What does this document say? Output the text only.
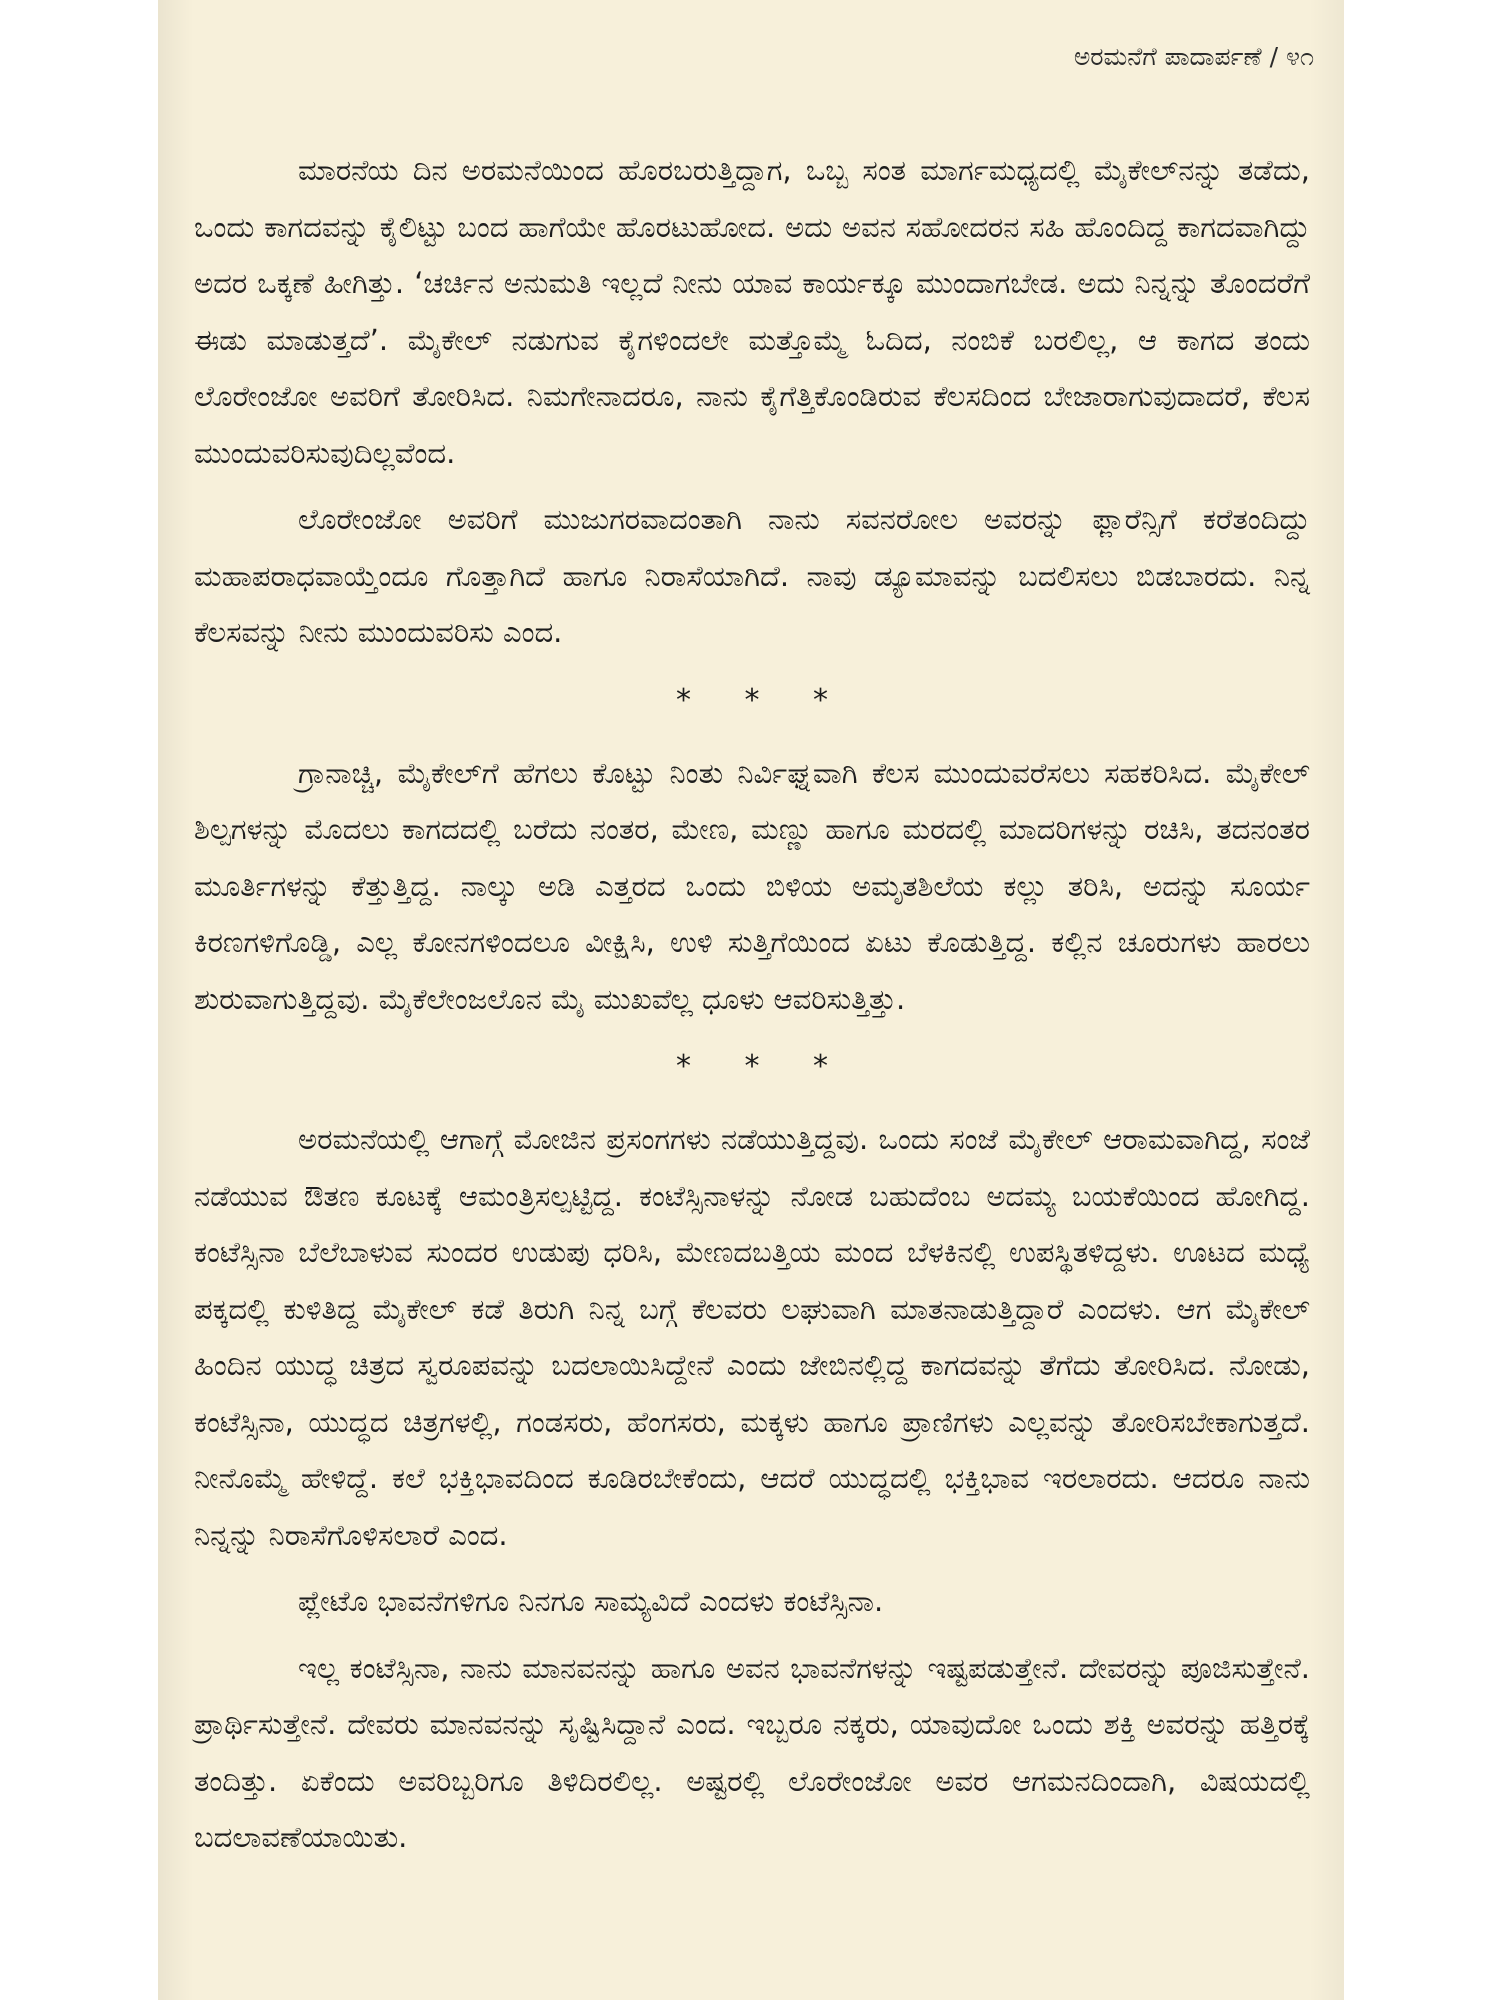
ಅರಮನೆಗೆ ಪಾದಾರ್ಪಣೆ / ೪೧

ಮಾರನೆಯ ದಿನ ಅರಮನೆಯಿಂದ ಹೊರಬರುತ್ತಿದ್ದಾಗ, ಒಬ್ಬ ಸಂತ ಮಾರ್ಗಮಧ್ಯದಲ್ಲಿ ಮೈಕೇಲ್‌ನನ್ನು ತಡೆದು, ಒಂದು ಕಾಗದವನ್ನು ಕೈಲಿಟ್ಟು ಬಂದ ಹಾಗೆಯೇ ಹೊರಟುಹೋದ. ಅದು ಅವನ ಸಹೋದರನ ಸಹಿ ಹೊಂದಿದ್ದ ಕಾಗದವಾಗಿದ್ದು ಅದರ ಒಕ್ಕಣೆ ಹೀಗಿತ್ತು. ‘ಚರ್ಚಿನ ಅನುಮತಿ ಇಲ್ಲದೆ ನೀನು ಯಾವ ಕಾರ್ಯಕ್ಕೂ ಮುಂದಾಗಬೇಡ. ಅದು ನಿನ್ನನ್ನು ತೊಂದರೆಗೆ ಈಡು ಮಾಡುತ್ತದೆ’. ಮೈಕೇಲ್ ನಡುಗುವ ಕೈಗಳಿಂದಲೇ ಮತ್ತೊಮ್ಮೆ ಓದಿದ, ನಂಬಿಕೆ ಬರಲಿಲ್ಲ, ಆ ಕಾಗದ ತಂದು ಲೊರೇಂಜೋ ಅವರಿಗೆ ತೋರಿಸಿದ. ನಿಮಗೇನಾದರೂ, ನಾನು ಕೈಗೆತ್ತಿಕೊಂಡಿರುವ ಕೆಲಸದಿಂದ ಬೇಜಾರಾಗುವುದಾದರೆ, ಕೆಲಸ ಮುಂದುವರಿಸುವುದಿಲ್ಲವೆಂದ.

ಲೊರೇಂಜೋ ಅವರಿಗೆ ಮುಜುಗರವಾದಂತಾಗಿ ನಾನು ಸವನರೋಲ ಅವರನ್ನು ಫ್ಲಾರೆನ್ಸಿಗೆ ಕರೆತಂದಿದ್ದು ಮಹಾಪರಾಧವಾಯ್ತೆಂದೂ ಗೊತ್ತಾಗಿದೆ ಹಾಗೂ ನಿರಾಸೆಯಾಗಿದೆ. ನಾವು ಡ್ಯೂಮಾವನ್ನು ಬದಲಿಸಲು ಬಿಡಬಾರದು. ನಿನ್ನ ಕೆಲಸವನ್ನು ನೀನು ಮುಂದುವರಿಸು ಎಂದ.

* * *

ಗ್ರಾನಾಚ್ಚಿ, ಮೈಕೇಲ್‌ಗೆ ಹೆಗಲು ಕೊಟ್ಟು ನಿಂತು ನಿರ್ವಿಘ್ನವಾಗಿ ಕೆಲಸ ಮುಂದುವರೆಸಲು ಸಹಕರಿಸಿದ. ಮೈಕೇಲ್ ಶಿಲ್ಪಗಳನ್ನು ಮೊದಲು ಕಾಗದದಲ್ಲಿ ಬರೆದು ನಂತರ, ಮೇಣ, ಮಣ್ಣು ಹಾಗೂ ಮರದಲ್ಲಿ ಮಾದರಿಗಳನ್ನು ರಚಿಸಿ, ತದನಂತರ ಮೂರ್ತಿಗಳನ್ನು ಕೆತ್ತುತ್ತಿದ್ದ. ನಾಲ್ಕು ಅಡಿ ಎತ್ತರದ ಒಂದು ಬಿಳಿಯ ಅಮೃತಶಿಲೆಯ ಕಲ್ಲು ತರಿಸಿ, ಅದನ್ನು ಸೂರ್ಯ ಕಿರಣಗಳಿಗೊಡ್ಡಿ, ಎಲ್ಲ ಕೋನಗಳಿಂದಲೂ ವೀಕ್ಷಿಸಿ, ಉಳಿ ಸುತ್ತಿಗೆಯಿಂದ ಏಟು ಕೊಡುತ್ತಿದ್ದ. ಕಲ್ಲಿನ ಚೂರುಗಳು ಹಾರಲು ಶುರುವಾಗುತ್ತಿದ್ದವು. ಮೈಕೆಲೇಂಜಲೊನ ಮೈ ಮುಖವೆಲ್ಲ ಧೂಳು ಆವರಿಸುತ್ತಿತ್ತು.

* * *

ಅರಮನೆಯಲ್ಲಿ ಆಗಾಗ್ಗೆ ಮೋಜಿನ ಪ್ರಸಂಗಗಳು ನಡೆಯುತ್ತಿದ್ದವು. ಒಂದು ಸಂಜೆ ಮೈಕೇಲ್ ಆರಾಮವಾಗಿದ್ದ, ಸಂಜೆ ನಡೆಯುವ ಔತಣ ಕೂಟಕ್ಕೆ ಆಮಂತ್ರಿಸಲ್ಪಟ್ಟಿದ್ದ. ಕಂಟೆಸ್ಸಿನಾಳನ್ನು ನೋಡ ಬಹುದೆಂಬ ಅದಮ್ಯ ಬಯಕೆಯಿಂದ ಹೋಗಿದ್ದ. ಕಂಟೆಸ್ಸಿನಾ ಬೆಲೆಬಾಳುವ ಸುಂದರ ಉಡುಪು ಧರಿಸಿ, ಮೇಣದಬತ್ತಿಯ ಮಂದ ಬೆಳಕಿನಲ್ಲಿ ಉಪಸ್ಥಿತಳಿದ್ದಳು. ಊಟದ ಮಧ್ಯೆ ಪಕ್ಕದಲ್ಲಿ ಕುಳಿತಿದ್ದ ಮೈಕೇಲ್ ಕಡೆ ತಿರುಗಿ ನಿನ್ನ ಬಗ್ಗೆ ಕೆಲವರು ಲಘುವಾಗಿ ಮಾತನಾಡುತ್ತಿದ್ದಾರೆ ಎಂದಳು. ಆಗ ಮೈಕೇಲ್ ಹಿಂದಿನ ಯುದ್ಧ ಚಿತ್ರದ ಸ್ವರೂಪವನ್ನು ಬದಲಾಯಿಸಿದ್ದೇನೆ ಎಂದು ಜೇಬಿನಲ್ಲಿದ್ದ ಕಾಗದವನ್ನು ತೆಗೆದು ತೋರಿಸಿದ. ನೋಡು, ಕಂಟೆಸ್ಸಿನಾ, ಯುದ್ಧದ ಚಿತ್ರಗಳಲ್ಲಿ, ಗಂಡಸರು, ಹೆಂಗಸರು, ಮಕ್ಕಳು ಹಾಗೂ ಪ್ರಾಣಿಗಳು ಎಲ್ಲವನ್ನು ತೋರಿಸಬೇಕಾಗುತ್ತದೆ. ನೀನೊಮ್ಮೆ ಹೇಳಿದ್ದೆ. ಕಲೆ ಭಕ್ತಿಭಾವದಿಂದ ಕೂಡಿರಬೇಕೆಂದು, ಆದರೆ ಯುದ್ಧದಲ್ಲಿ ಭಕ್ತಿಭಾವ ಇರಲಾರದು. ಆದರೂ ನಾನು ನಿನ್ನನ್ನು ನಿರಾಸೆಗೊಳಿಸಲಾರೆ ಎಂದ.

ಪ್ಲೇಟೊ ಭಾವನೆಗಳಿಗೂ ನಿನಗೂ ಸಾಮ್ಯವಿದೆ ಎಂದಳು ಕಂಟೆಸ್ಸಿನಾ.

ಇಲ್ಲ ಕಂಟೆಸ್ಸಿನಾ, ನಾನು ಮಾನವನನ್ನು ಹಾಗೂ ಅವನ ಭಾವನೆಗಳನ್ನು ಇಷ್ಟಪಡುತ್ತೇನೆ. ದೇವರನ್ನು ಪೂಜಿಸುತ್ತೇನೆ. ಪ್ರಾರ್ಥಿಸುತ್ತೇನೆ. ದೇವರು ಮಾನವನನ್ನು ಸೃಷ್ಟಿಸಿದ್ದಾನೆ ಎಂದ. ಇಬ್ಬರೂ ನಕ್ಕರು, ಯಾವುದೋ ಒಂದು ಶಕ್ತಿ ಅವರನ್ನು ಹತ್ತಿರಕ್ಕೆ ತಂದಿತ್ತು. ಏಕೆಂದು ಅವರಿಬ್ಬರಿಗೂ ತಿಳಿದಿರಲಿಲ್ಲ. ಅಷ್ಟರಲ್ಲಿ ಲೊರೇಂಜೋ ಅವರ ಆಗಮನದಿಂದಾಗಿ, ವಿಷಯದಲ್ಲಿ ಬದಲಾವಣೆಯಾಯಿತು.
